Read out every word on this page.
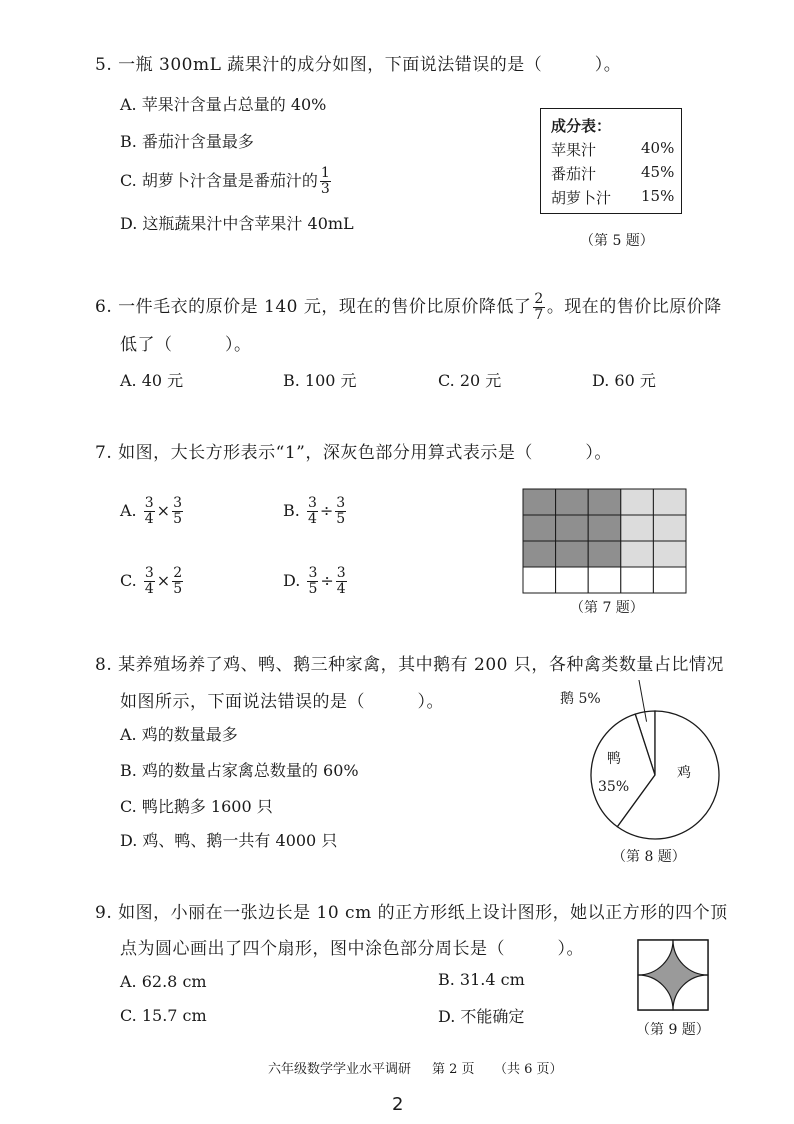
5. 一瓶 300mL 蔬果汁的成分如图，下面说法错误的是（　　　）。
A. 苹果汁含量占总量的 40%
B. 番茄汁含量最多
C. 胡萝卜汁含量是番茄汁的 $\frac{1}{3}$
D. 这瓶蔬果汁中含苹果汁 40mL
成分表：
苹果汁	40%
番茄汁	45%
胡萝卜汁 15%
（第 5 题）
6. 一件毛衣的原价是 140 元，现在的售价比原价降低了 $\frac{2}{7}$ 。现在的售价比原价降
低了（　　　）。
A. 40 元	B. 100 元	C. 20 元	D. 60 元
7. 如图，大长方形表示“1”，深灰色部分用算式表示是（　　　）。
A. $\frac{3}{4} \times \frac{3}{5}$	B. $\frac{3}{4} \div \frac{3}{5}$
C. $\frac{3}{4} \times \frac{2}{5}$	D. $\frac{3}{5} \div \frac{3}{4}$
（第 7 题）
8. 某养殖场养了鸡、鸭、鹅三种家禽，其中鹅有 200 只，各种禽类数量占比情况
如图所示，下面说法错误的是（　　　）。
A. 鸡的数量最多
B. 鸡的数量占家禽总数量的 60%
C. 鸭比鹅多 1600 只
D. 鸡、鸭、鹅一共有 4000 只
鹅 5%
鸭
35%
鸡
（第 8 题）
9. 如图，小丽在一张边长是 10 cm 的正方形纸上设计图形，她以正方形的四个顶
点为圆心画出了四个扇形，图中涂色部分周长是（　　　）。
A. 62.8 cm	B. 31.4 cm
C. 15.7 cm	D. 不能确定
（第 9 题）
六年级数学学业水平调研 第 2 页 （共 6 页）
2
